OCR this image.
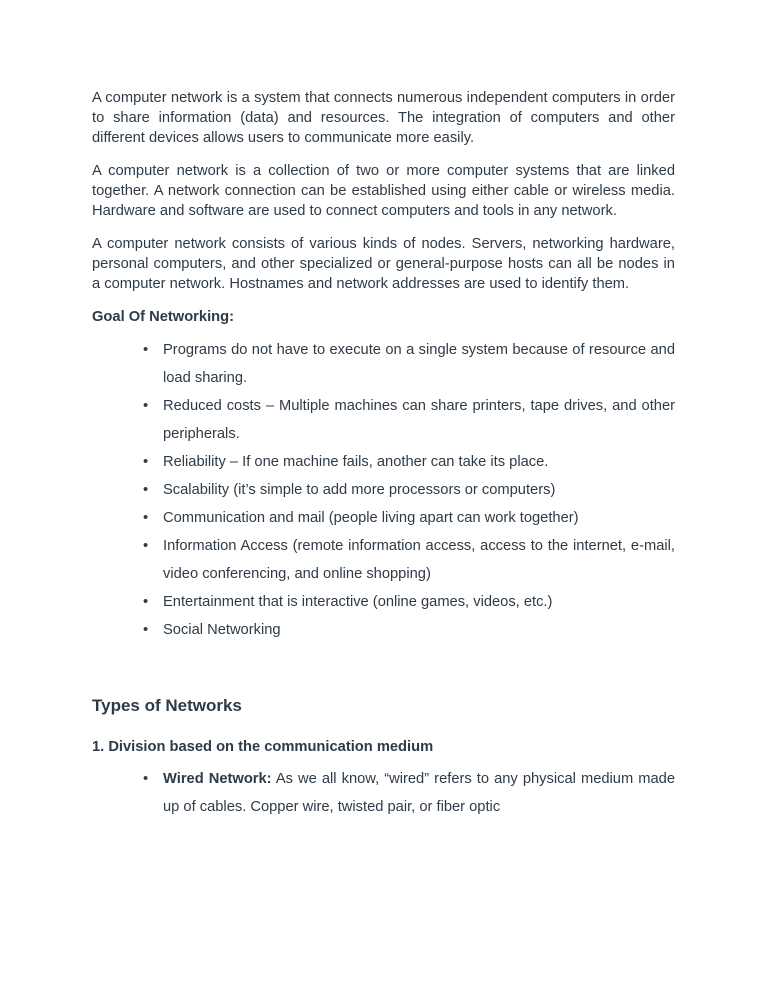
A computer network is a system that connects numerous independent computers in order to share information (data) and resources. The integration of computers and other different devices allows users to communicate more easily.

A computer network is a collection of two or more computer systems that are linked together. A network connection can be established using either cable or wireless media. Hardware and software are used to connect computers and tools in any network.

A computer network consists of various kinds of nodes. Servers, networking hardware, personal computers, and other specialized or general-purpose hosts can all be nodes in a computer network. Hostnames and network addresses are used to identify them.

Goal Of Networking:
• Programs do not have to execute on a single system because of resource and load sharing.
• Reduced costs – Multiple machines can share printers, tape drives, and other peripherals.
• Reliability – If one machine fails, another can take its place.
• Scalability (it’s simple to add more processors or computers)
• Communication and mail (people living apart can work together)
• Information Access (remote information access, access to the internet, e-mail, video conferencing, and online shopping)
• Entertainment that is interactive (online games, videos, etc.)
• Social Networking
Types of Networks
1. Division based on the communication medium
• Wired Network: As we all know, “wired” refers to any physical medium made up of cables. Copper wire, twisted pair, or fiber optic
